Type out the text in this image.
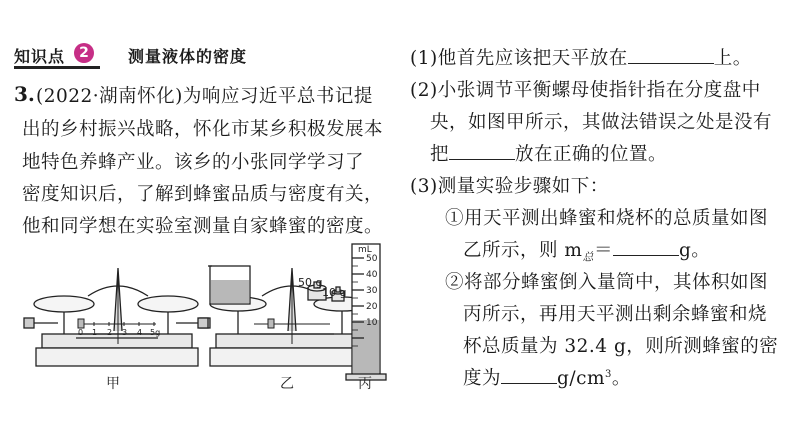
知识点	2	测量液体的密度
3. (2022·湖南怀化)为响应习近平总书记提
出的乡村振兴战略，怀化市某乡积极发展本
地特色养蜂产业。该乡的小张同学学习了
密度知识后，了解到蜂蜜品质与密度有关，
他和同学想在实验室测量自家蜂蜜的密度。
0 1 2 3 4 5g
50 g
10 g
mL
50
40
30
20
10
甲	乙	丙
(1)他首先应该把天平放在	上。
(2)小张调节平衡螺母使指针指在分度盘中
央，如图甲所示，其做法错误之处是没有
把	放在正确的位置。
(3)测量实验步骤如下：
①用天平测出蜂蜜和烧杯的总质量如图
乙所示，则 $m_总=$	g。
②将部分蜂蜜倒入量筒中，其体积如图
丙所示，再用天平测出剩余蜂蜜和烧
杯总质量为 32.4 g，则所测蜂蜜的密
度为	$g/cm^3$。
